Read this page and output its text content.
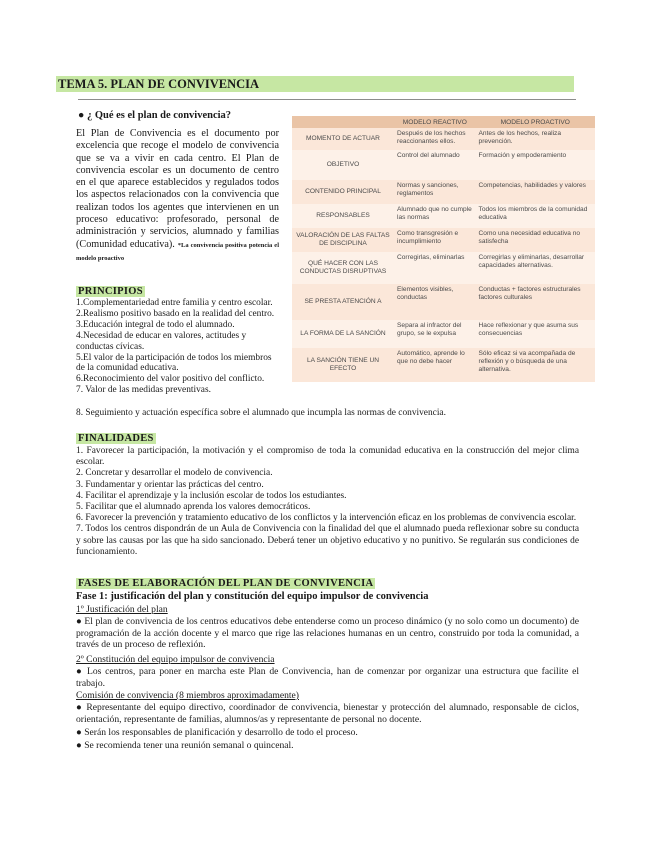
TEMA 5. PLAN DE CONVIVENCIA
● ¿ Qué es el plan de convivencia?

El Plan de Convivencia es el documento por excelencia que recoge el modelo de convivencia que se va a vivir en cada centro. El Plan de convivencia escolar es un documento de centro en el que aparece establecidos y regulados todos los aspectos relacionados con la convivencia que realizan todos los agentes que intervienen en un proceso educativo: profesorado, personal de administración y servicios, alumnado y familias (Comunidad educativa). *La convivencia positiva potencia el modelo proactivo

	MODELO REACTIVO	MODELO PROACTIVO
MOMENTO DE ACTUAR	Después de los hechos reaccionantes ellos.	Antes de los hechos, realiza prevención.
OBJETIVO	Control del alumnado	Formación y empoderamiento
CONTENIDO PRINCIPAL	Normas y sanciones, reglamentos	Competencias, habilidades y valores
RESPONSABLES	Alumnado que no cumple las normas	Todos los miembros de la comunidad educativa
VALORACIÓN DE LAS FALTAS DE DISCIPLINA	Como transgresión e incumplimiento	Como una necesidad educativa no satisfecha
QUÉ HACER CON LAS CONDUCTAS DISRUPTIVAS	Corregirlas, eliminarlas	Corregirlas y eliminarlas, desarrollar capacidades alternativas.
SE PRESTA ATENCIÓN A	Elementos visibles, conductas	Conductas + factores estructurales factores culturales
LA FORMA DE LA SANCIÓN	Separa al infractor del grupo, se le expulsa	Hace reflexionar y que asuma sus consecuencias
LA SANCIÓN TIENE UN EFECTO	Automático, aprende lo que no debe hacer	Sólo eficaz si va acompañada de reflexión y o búsqueda de una alternativa.
PRINCIPIOS
1.Complementariedad entre familia y centro escolar.
2.Realismo positivo basado en la realidad del centro.
3.Educación integral de todo el alumnado.
4.Necesidad de educar en valores, actitudes y conductas cívicas.
5.El valor de la participación de todos los miembros de la comunidad educativa.
6.Reconocimiento del valor positivo del conflicto.
7. Valor de las medidas preventivas.
8. Seguimiento y actuación específica sobre el alumnado que incumpla las normas de convivencia.
FINALIDADES
1. Favorecer la participación, la motivación y el compromiso de toda la comunidad educativa en la construcción del mejor clima escolar.
2. Concretar y desarrollar el modelo de convivencia.
3. Fundamentar y orientar las prácticas del centro.
4. Facilitar el aprendizaje y la inclusión escolar de todos los estudiantes.
5. Facilitar que el alumnado aprenda los valores democráticos.
6. Favorecer la prevención y tratamiento educativo de los conflictos y la intervención eficaz en los problemas de convivencia escolar.
7. Todos los centros dispondrán de un Aula de Convivencia con la finalidad del que el alumnado pueda reflexionar sobre su conducta y sobre las causas por las que ha sido sancionado. Deberá tener un objetivo educativo y no punitivo. Se regularán sus condiciones de funcionamiento.
FASES DE ELABORACIÓN DEL PLAN DE CONVIVENCIA
Fase 1: justificación del plan y constitución del equipo impulsor de convivencia
1º Justificación del plan

● El plan de convivencia de los centros educativos debe entenderse como un proceso dinámico (y no solo como un documento) de programación de la acción docente y el marco que rige las relaciones humanas en un centro, construido por toda la comunidad, a través de un proceso de reflexión.

2º Constitución del equipo impulsor de convivencia

● Los centros, para poner en marcha este Plan de Convivencia, han de comenzar por organizar una estructura que facilite el trabajo.

Comisión de convivencia (8 miembros aproximadamente)

● Representante del equipo directivo, coordinador de convivencia, bienestar y protección del alumnado, responsable de ciclos, orientación, representante de familias, alumnos/as y representante de personal no docente.

● Serán los responsables de planificación y desarrollo de todo el proceso.

● Se recomienda tener una reunión semanal o quincenal.
